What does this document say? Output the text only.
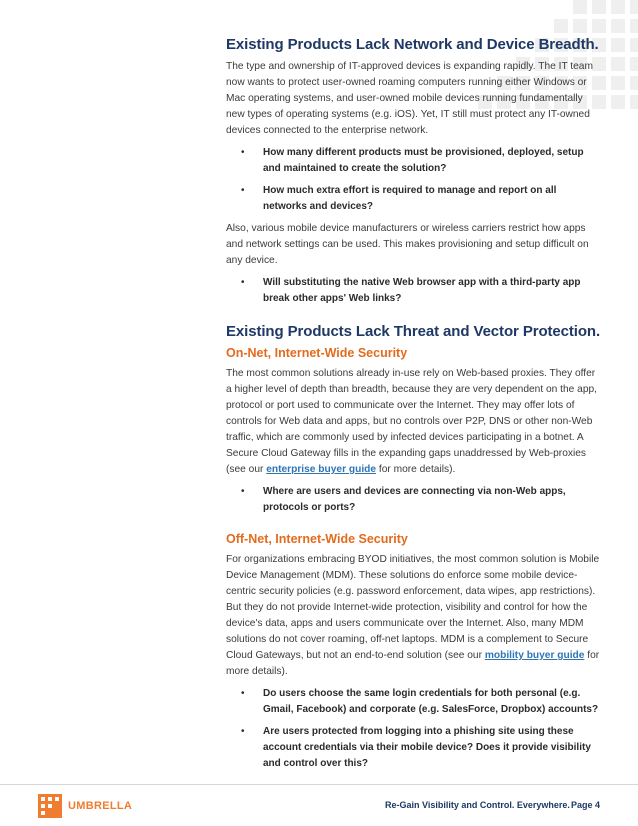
Existing Products Lack Network and Device Breadth.

The type and ownership of IT-approved devices is expanding rapidly. The IT team now wants to protect user-owned roaming computers running either Windows or Mac operating systems, and user-owned mobile devices running fundamentally new types of operating systems (e.g. iOS). Yet, IT still must protect any IT-owned devices connected to the enterprise network.

• How many different products must be provisioned, deployed, setup and maintained to create the solution?
• How much extra effort is required to manage and report on all networks and devices?

Also, various mobile device manufacturers or wireless carriers restrict how apps and network settings can be used. This makes provisioning and setup difficult on any device.

• Will substituting the native Web browser app with a third-party app break other apps' Web links?
Existing Products Lack Threat and Vector Protection.
On-Net, Internet-Wide Security

The most common solutions already in-use rely on Web-based proxies. They offer a higher level of depth than breadth, because they are very dependent on the app, protocol or port used to communicate over the Internet. They may offer lots of controls for Web data and apps, but no controls over P2P, DNS or other non-Web traffic, which are commonly used by infected devices participating in a botnet. A Secure Cloud Gateway fills in the expanding gaps unaddressed by Web-proxies (see our enterprise buyer guide for more details).

• Where are users and devices are connecting via non-Web apps, protocols or ports?
Off-Net, Internet-Wide Security

For organizations embracing BYOD initiatives, the most common solution is Mobile Device Management (MDM). These solutions do enforce some mobile device-centric security policies (e.g. password enforcement, data wipes, app restrictions). But they do not provide Internet-wide protection, visibility and control for how the device's data, apps and users communicate over the Internet. Also, many MDM solutions do not cover roaming, off-net laptops. MDM is a complement to Secure Cloud Gateways, but not an end-to-end solution (see our mobility buyer guide for more details).

• Do users choose the same login credentials for both personal (e.g. Gmail, Facebook) and corporate (e.g. SalesForce, Dropbox) accounts?
• Are users protected from logging into a phishing site using these account credentials via their mobile device? Does it provide visibility and control over this?
UMBRELLA	Re-Gain Visibility and Control. Everywhere. Page 4
